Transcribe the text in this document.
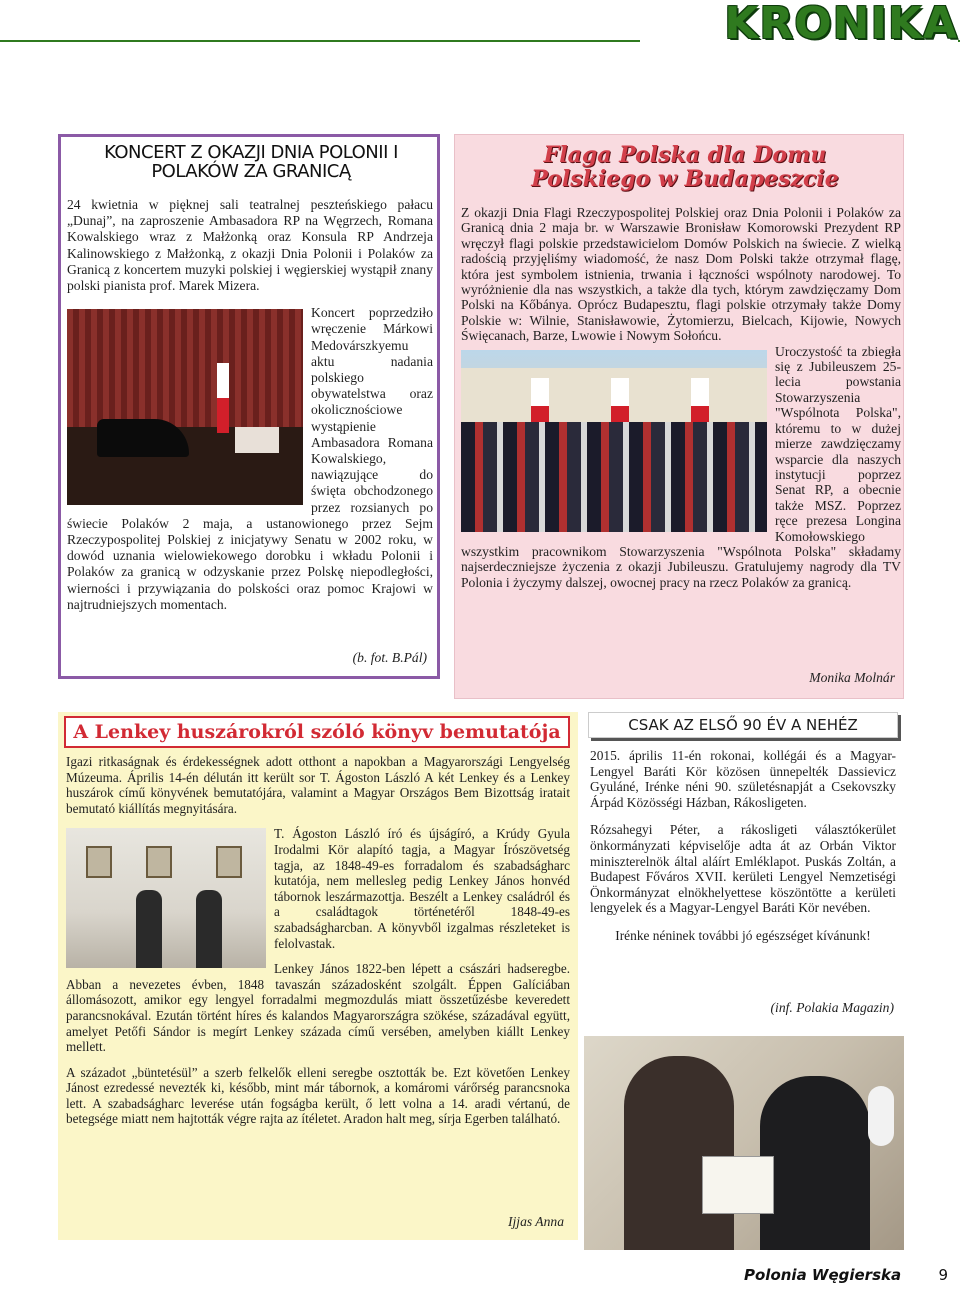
KRONIKA
KONCERT Z OKAZJI DNIA POLONII I POLAKÓW ZA GRANICĄ

24 kwietnia w pięknej sali teatralnej peszteńskiego pałacu „Dunaj”, na zaproszenie Ambasadora RP na Węgrzech, Romana Kowalskiego wraz z Małżonką oraz Konsula RP Andrzeja Kalinowskiego z Małżonką, z okazji Dnia Polonii i Polaków za Granicą z koncertem muzyki polskiej i węgierskiej wystąpił znany polski pianista prof. Marek Mizera.

Koncert poprzedziło wręczenie Márkowi Medovárszkyemu aktu nadania polskiego obywatelstwa oraz okolicznościowe wystąpienie Ambasadora Romana Kowalskiego, nawiązujące do święta obchodzonego przez rozsianych po świecie Polaków 2 maja, a ustanowionego przez Sejm Rzeczypospolitej Polskiej z inicjatywy Senatu w 2002 roku, w dowód uznania wielowiekowego dorobku i wkładu Polonii i Polaków za granicą w odzyskanie przez Polskę niepodległości, wierności i przywiązania do polskości oraz pomoc Krajowi w najtrudniejszych momentach.

(b. fot. B.Pál)
Flaga Polska dla Domu Polskiego w Budapeszcie

Z okazji Dnia Flagi Rzeczypospolitej Polskiej oraz Dnia Polonii i Polaków za Granicą dnia 2 maja br. w Warszawie Bronisław Komorowski Prezydent RP wręczył flagi polskie przedstawicielom Domów Polskich na świecie. Z wielką radością przyjęliśmy wiadomość, że nasz Dom Polski także otrzymał flagę, która jest symbolem istnienia, trwania i łączności wspólnoty narodowej. To wyróżnienie dla nas wszystkich, a także dla tych, którym zawdzięczamy Dom Polski na Kőbánya. Oprócz Budapesztu, flagi polskie otrzymały także Domy Polskie w: Wilnie, Stanisławowie, Żytomierzu, Bielcach, Kijowie, Nowych Święcanach, Barze, Lwowie i Nowym Sołońcu.

Uroczystość ta zbiegła się z Jubileuszem 25-lecia powstania Stowarzyszenia "Wspólnota Polska", któremu to w dużej mierze zawdzięczamy wsparcie dla naszych instytucji poprzez Senat RP, a obecnie także MSZ. Poprzez ręce prezesa Longina Komołowskiego wszystkim pracownikom Stowarzyszenia "Wspólnota Polska" składamy najserdeczniejsze życzenia z okazji Jubileuszu. Gratulujemy nagrody dla TV Polonia i życzymy dalszej, owocnej pracy na rzecz Polaków za granicą.

Monika Molnár
A Lenkey huszárokról szóló könyv bemutatója

Igazi ritkaságnak és érdekességnek adott otthont a napokban a Magyarországi Lengyelség Múzeuma. Április 14-én délután itt került sor T. Ágoston László A két Lenkey és a Lenkey huszárok című könyvének bemutatójára, valamint a Magyar Országos Bem Bizottság iratait bemutató kiállítás megnyitására.

T. Ágoston László író és újságíró, a Krúdy Gyula Irodalmi Kör alapító tagja, a Magyar Írószövetség tagja, az 1848-49-es forradalom és szabadságharc kutatója, nem mellesleg pedig Lenkey János honvéd tábornok leszármazottja. Beszélt a Lenkey családról és a családtagok történetéről 1848-49-es szabadságharcban. A könyvből izgalmas részleteket is felolvastak.

Lenkey János 1822-ben lépett a császári hadseregbe. Abban a nevezetes évben, 1848 tavaszán századosként szolgált. Éppen Galíciában állomásozott, amikor egy lengyel forradalmi megmozdulás miatt összetűzésbe keveredett parancsnokával. Ezután történt híres és kalandos Magyarországra szökése, századával együtt, amelyet Petőfi Sándor is megírt Lenkey százada című versében, amelyben kiállt Lenkey mellett.

A századot „büntetésül” a szerb felkelők elleni seregbe osztották be. Ezt követően Lenkey Jánost ezredessé nevezték ki, később, mint már tábornok, a komáromi várőrség parancsnoka lett. A szabadságharc leverése után fogságba került, ő lett volna a 14. aradi vértanú, de betegsége miatt nem hajtották végre rajta az ítéletet. Aradon halt meg, sírja Egerben található.

Ijjas Anna
CSAK AZ ELSŐ 90 ÉV A NEHÉZ

2015. április 11-én rokonai, kollégái és a Magyar-Lengyel Baráti Kör közösen ünnepelték Dassievicz Gyuláné, Irénke néni 90. születésnapját a Csekovszky Árpád Közösségi Házban, Rákosligeten.

Rózsahegyi Péter, a rákosligeti választókerület önkormányzati képviselője adta át az Orbán Viktor miniszterelnök által aláírt Emléklapot. Puskás Zoltán, a Budapest Főváros XVII. kerületi Lengyel Nemzetiségi Önkormányzat elnökhelyettese köszöntötte a kerületi lengyelek és a Magyar-Lengyel Baráti Kör nevében.

Irénke néninek további jó egészséget kívánunk!

(inf. Polakia Magazin)
Polonia Węgierska 9
